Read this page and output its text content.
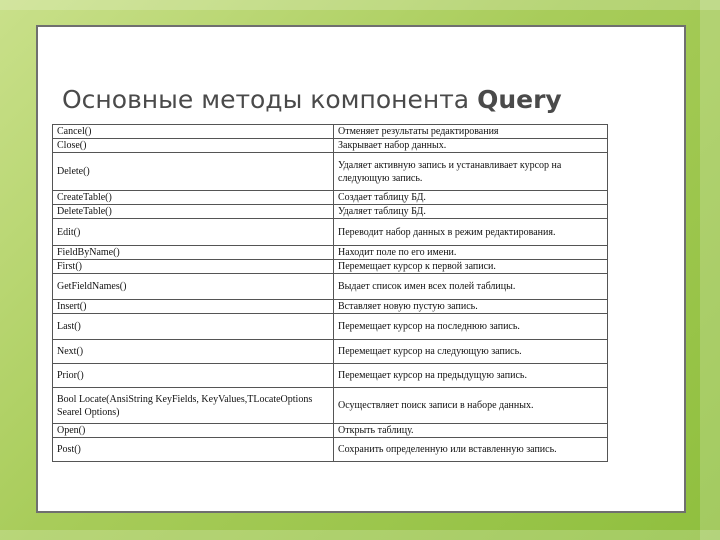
Основные методы компонента Query
Cancel()	Отменяет результаты редактирования
Close()	Закрывает набор данных.
Delete()	Удаляет активную запись и устанавливает курсор на следующую запись.
CreateTable()	Создает таблицу БД.
DeleteTable()	Удаляет таблицу БД.
Edit()	Переводит набор данных в режим редактирования.
FieldByName()	Находит поле по его имени.
First()	Перемещает курсор к первой записи.
GetFieldNames()	Выдает список имен всех полей таблицы.
Insert()	Вставляет новую пустую запись.
Last()	Перемещает курсор на последнюю запись.
Next()	Перемещает курсор на следующую запись.
Prior()	Перемещает курсор на предыдущую запись.
Bool Locate(AnsiString KeyFields, KeyValues,TLocateOptions Searel Options)	Осуществляет поиск записи в наборе данных.
Open()	Открыть таблицу.
Post()	Сохранить определенную или вставленную запись.
